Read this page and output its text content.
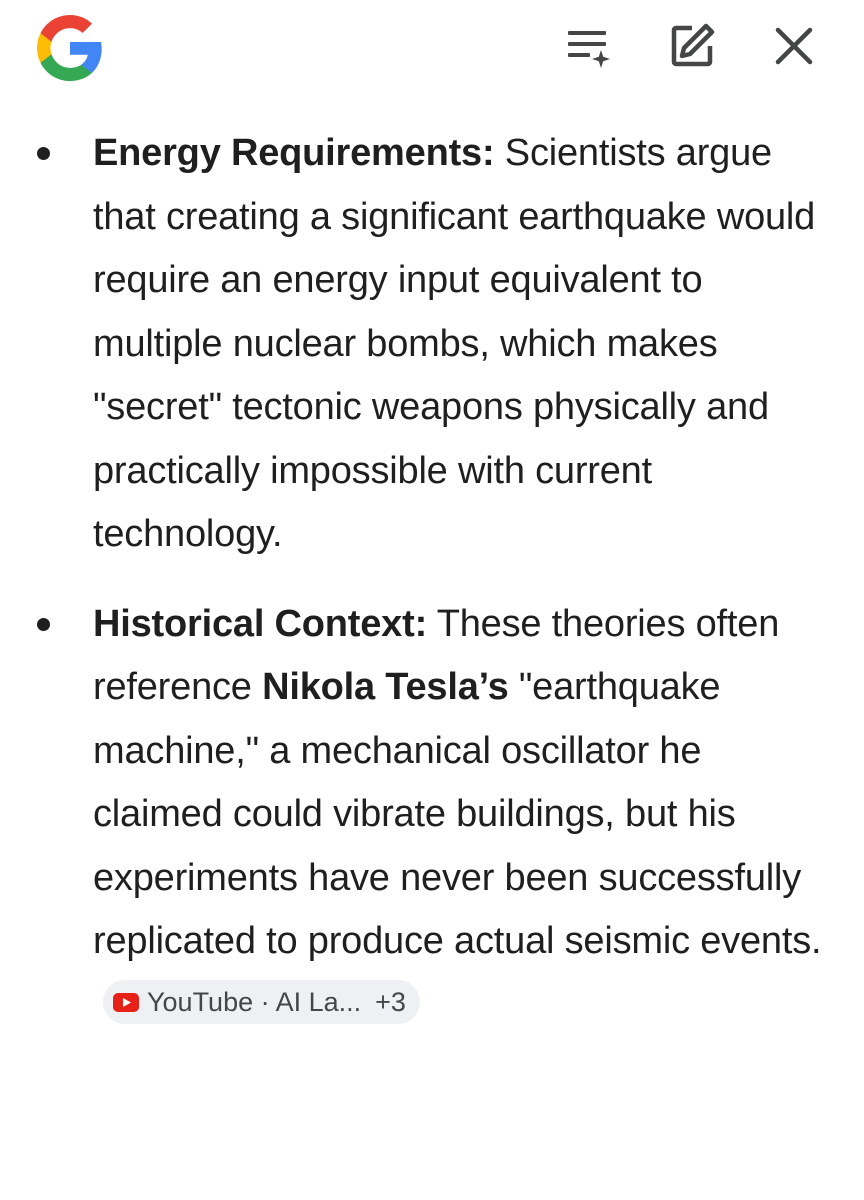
Energy Requirements: Scientists argue that creating a significant earthquake would require an energy input equivalent to multiple nuclear bombs, which makes "secret" tectonic weapons physically and practically impossible with current technology.
Historical Context: These theories often reference Nikola Tesla’s "earthquake machine," a mechanical oscillator he claimed could vibrate buildings, but his experiments have never been successfully replicated to produce actual seismic events.
YouTube · AI La... +3
